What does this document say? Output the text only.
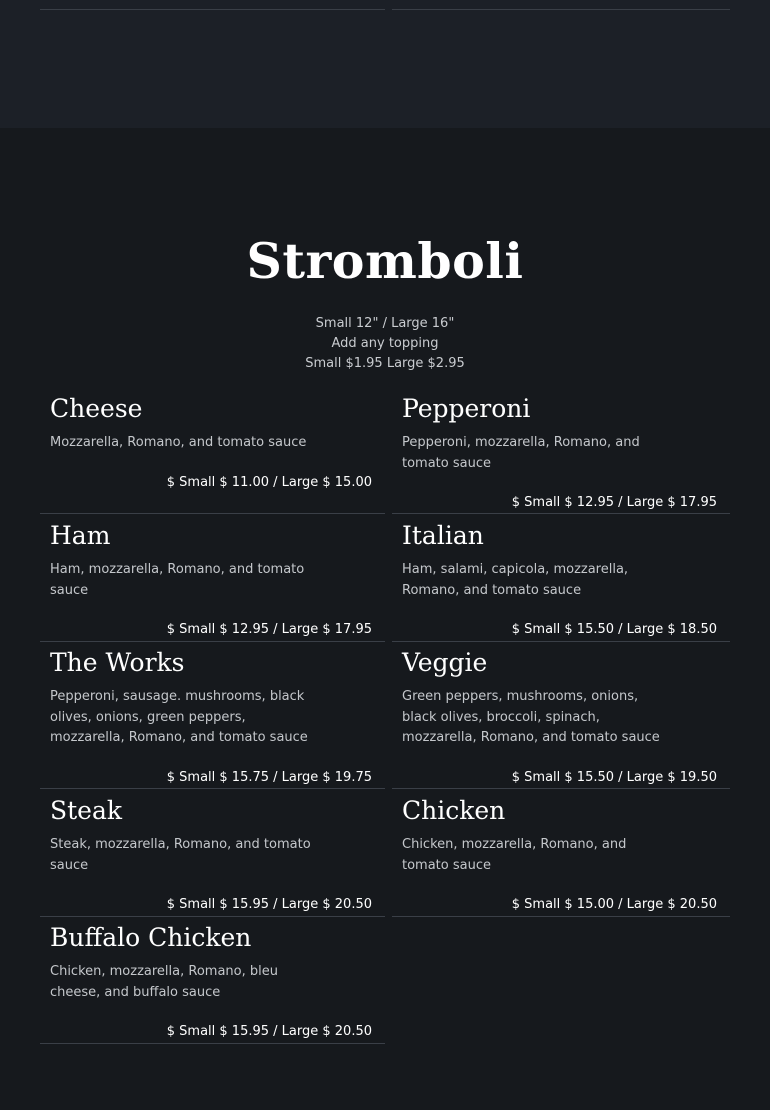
Stromboli
Small 12" / Large 16"
Add any topping
Small $1.95 Large $2.95
Cheese
Mozzarella, Romano, and tomato sauce
$ Small $ 11.00 / Large $ 15.00
Pepperoni
Pepperoni, mozzarella, Romano, and tomato sauce
$ Small $ 12.95 / Large $ 17.95
Ham
Ham, mozzarella, Romano, and tomato sauce
$ Small $ 12.95 / Large $ 17.95
Italian
Ham, salami, capicola, mozzarella, Romano, and tomato sauce
$ Small $ 15.50 / Large $ 18.50
The Works
Pepperoni, sausage. mushrooms, black olives, onions, green peppers, mozzarella, Romano, and tomato sauce
$ Small $ 15.75 / Large $ 19.75
Veggie
Green peppers, mushrooms, onions, black olives, broccoli, spinach, mozzarella, Romano, and tomato sauce
$ Small $ 15.50 / Large $ 19.50
Steak
Steak, mozzarella, Romano, and tomato sauce
$ Small $ 15.95 / Large $ 20.50
Chicken
Chicken, mozzarella, Romano, and tomato sauce
$ Small $ 15.00 / Large $ 20.50
Buffalo Chicken
Chicken, mozzarella, Romano, bleu cheese, and buffalo sauce
$ Small $ 15.95 / Large $ 20.50
